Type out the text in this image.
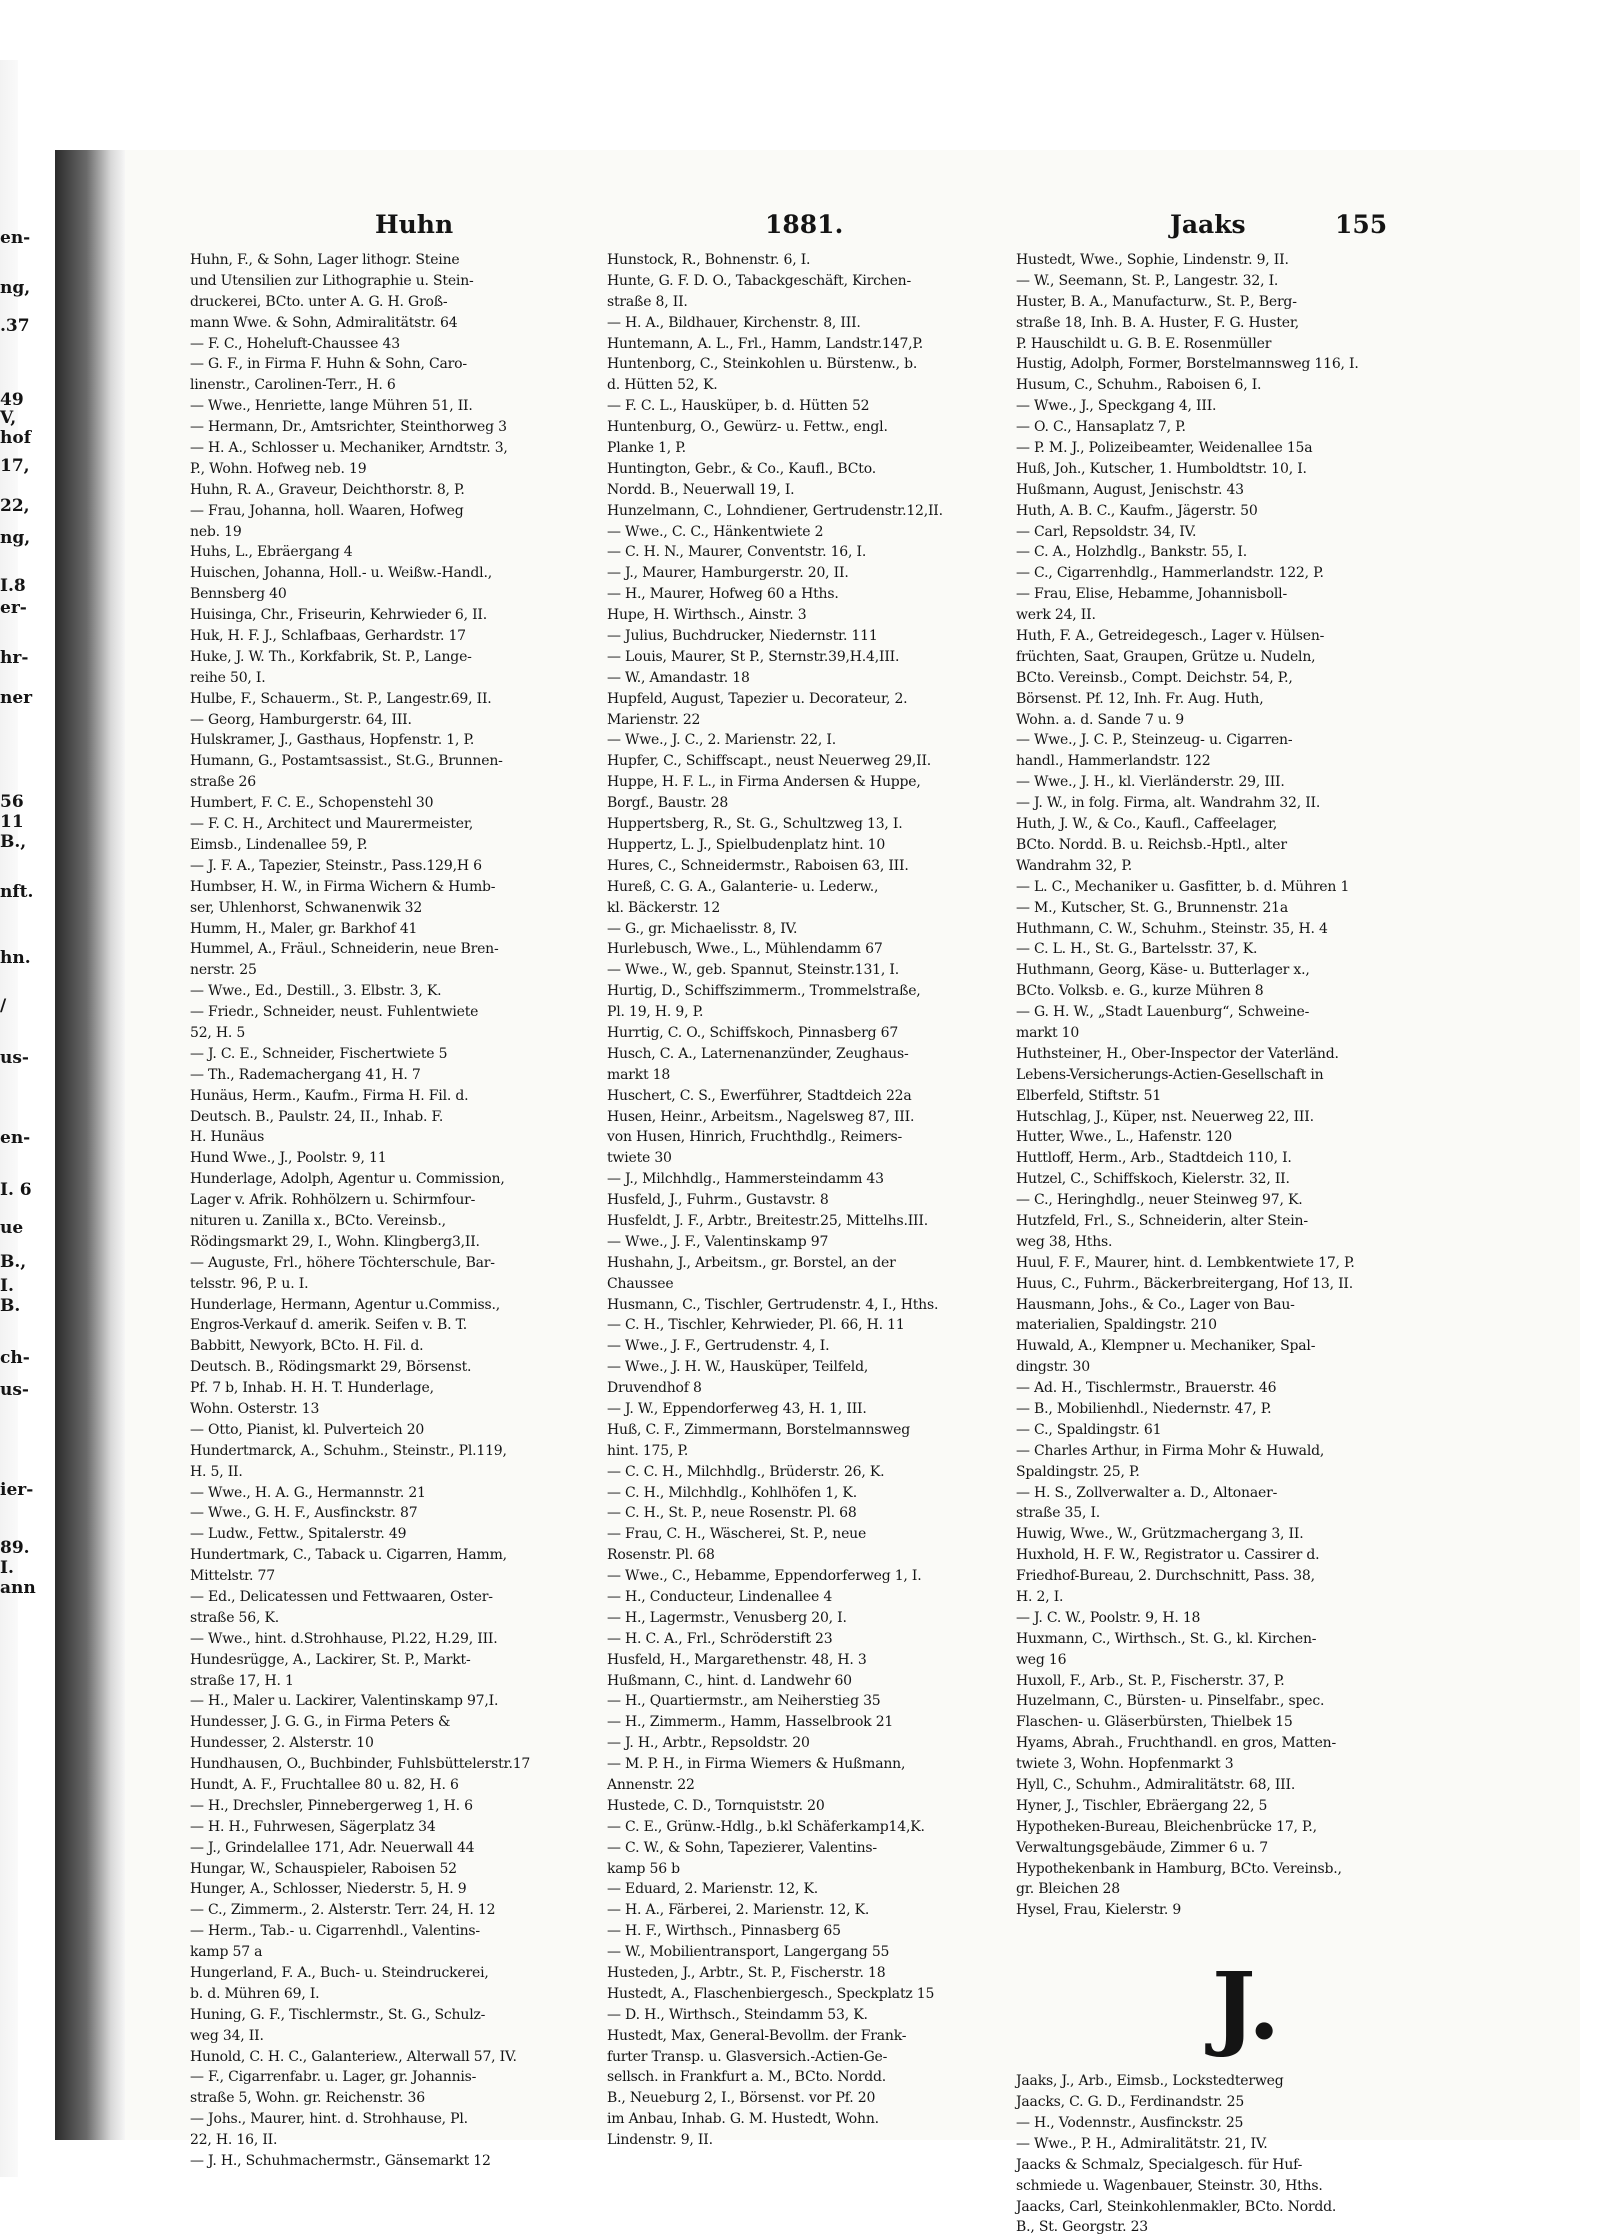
en-
ng,
.37
49
V,
hof
17,
22,
ng,
I.8
er-
hr-
ner
56
11
B.,
nft.
hn.
/
us-
en-
I. 6
ue
B.,
I.
B.
ch-
us-
ier-
89.
I.
ann
Huhn	1881.	Jaaks	155
Huhn, F., & Sohn, Lager lithogr. Steine
und Utensilien zur Lithographie u. Stein-
druckerei, BCto. unter A. G. H. Groß-
mann Wwe. & Sohn, Admiralitätstr. 64
— F. C., Hoheluft-Chaussee 43
— G. F., in Firma F. Huhn & Sohn, Caro-
linenstr., Carolinen-Terr., H. 6
— Wwe., Henriette, lange Mühren 51, II.
— Hermann, Dr., Amtsrichter, Steinthorweg 3
— H. A., Schlosser u. Mechaniker, Arndtstr. 3,
P., Wohn. Hofweg neb. 19
Huhn, R. A., Graveur, Deichthorstr. 8, P.
— Frau, Johanna, holl. Waaren, Hofweg
neb. 19
Huhs, L., Ebräergang 4
Huischen, Johanna, Holl.- u. Weißw.-Handl.,
Bennsberg 40
Huisinga, Chr., Friseurin, Kehrwieder 6, II.
Huk, H. F. J., Schlafbaas, Gerhardstr. 17
Huke, J. W. Th., Korkfabrik, St. P., Lange-
reihe 50, I.
Hulbe, F., Schauerm., St. P., Langestr.69, II.
— Georg, Hamburgerstr. 64, III.
Hulskramer, J., Gasthaus, Hopfenstr. 1, P.
Humann, G., Postamtsassist., St.G., Brunnen-
straße 26
Humbert, F. C. E., Schopenstehl 30
— F. C. H., Architect und Maurermeister,
Eimsb., Lindenallee 59, P.
— J. F. A., Tapezier, Steinstr., Pass.129,H 6
Humbser, H. W., in Firma Wichern & Humb-
ser, Uhlenhorst, Schwanenwik 32
Humm, H., Maler, gr. Barkhof 41
Hummel, A., Fräul., Schneiderin, neue Bren-
nerstr. 25
— Wwe., Ed., Destill., 3. Elbstr. 3, K.
— Friedr., Schneider, neust. Fuhlentwiete
52, H. 5
— J. C. E., Schneider, Fischertwiete 5
— Th., Rademachergang 41, H. 7
Hunäus, Herm., Kaufm., Firma H. Fil. d.
Deutsch. B., Paulstr. 24, II., Inhab. F.
H. Hunäus
Hund Wwe., J., Poolstr. 9, 11
Hunderlage, Adolph, Agentur u. Commission,
Lager v. Afrik. Rohhölzern u. Schirmfour-
nituren u. Zanilla x., BCto. Vereinsb.,
Rödingsmarkt 29, I., Wohn. Klingberg3,II.
— Auguste, Frl., höhere Töchterschule, Bar-
telsstr. 96, P. u. I.
Hunderlage, Hermann, Agentur u.Commiss.,
Engros-Verkauf d. amerik. Seifen v. B. T.
Babbitt, Newyork, BCto. H. Fil. d.
Deutsch. B., Rödingsmarkt 29, Börsenst.
Pf. 7 b, Inhab. H. H. T. Hunderlage,
Wohn. Osterstr. 13
— Otto, Pianist, kl. Pulverteich 20
Hundertmarck, A., Schuhm., Steinstr., Pl.119,
H. 5, II.
— Wwe., H. A. G., Hermannstr. 21
— Wwe., G. H. F., Ausfinckstr. 87
— Ludw., Fettw., Spitalerstr. 49
Hundertmark, C., Taback u. Cigarren, Hamm,
Mittelstr. 77
— Ed., Delicatessen und Fettwaaren, Oster-
straße 56, K.
— Wwe., hint. d.Strohhause, Pl.22, H.29, III.
Hundesrügge, A., Lackirer, St. P., Markt-
straße 17, H. 1
— H., Maler u. Lackirer, Valentinskamp 97,I.
Hundesser, J. G. G., in Firma Peters &
Hundesser, 2. Alsterstr. 10
Hundhausen, O., Buchbinder, Fuhlsbüttelerstr.17
Hundt, A. F., Fruchtallee 80 u. 82, H. 6
— H., Drechsler, Pinnebergerweg 1, H. 6
— H. H., Fuhrwesen, Sägerplatz 34
— J., Grindelallee 171, Adr. Neuerwall 44
Hungar, W., Schauspieler, Raboisen 52
Hunger, A., Schlosser, Niederstr. 5, H. 9
— C., Zimmerm., 2. Alsterstr. Terr. 24, H. 12
— Herm., Tab.- u. Cigarrenhdl., Valentins-
kamp 57 a
Hungerland, F. A., Buch- u. Steindruckerei,
b. d. Mühren 69, I.
Huning, G. F., Tischlermstr., St. G., Schulz-
weg 34, II.
Hunold, C. H. C., Galanteriew., Alterwall 57, IV.
— F., Cigarrenfabr. u. Lager, gr. Johannis-
straße 5, Wohn. gr. Reichenstr. 36
— Johs., Maurer, hint. d. Strohhause, Pl.
22, H. 16, II.
— J. H., Schuhmachermstr., Gänsemarkt 12
Hunstock, R., Bohnenstr. 6, I.
Hunte, G. F. D. O., Tabackgeschäft, Kirchen-
straße 8, II.
— H. A., Bildhauer, Kirchenstr. 8, III.
Huntemann, A. L., Frl., Hamm, Landstr.147,P.
Huntenborg, C., Steinkohlen u. Bürstenw., b.
d. Hütten 52, K.
— F. C. L., Hausküper, b. d. Hütten 52
Huntenburg, O., Gewürz- u. Fettw., engl.
Planke 1, P.
Huntington, Gebr., & Co., Kaufl., BCto.
Nordd. B., Neuerwall 19, I.
Hunzelmann, C., Lohndiener, Gertrudenstr.12,II.
— Wwe., C. C., Hänkentwiete 2
— C. H. N., Maurer, Conventstr. 16, I.
— J., Maurer, Hamburgerstr. 20, II.
— H., Maurer, Hofweg 60 a Hths.
Hupe, H. Wirthsch., Ainstr. 3
— Julius, Buchdrucker, Niedernstr. 111
— Louis, Maurer, St P., Sternstr.39,H.4,III.
— W., Amandastr. 18
Hupfeld, August, Tapezier u. Decorateur, 2.
Marienstr. 22
— Wwe., J. C., 2. Marienstr. 22, I.
Hupfer, C., Schiffscapt., neust Neuerweg 29,II.
Huppe, H. F. L., in Firma Andersen & Huppe,
Borgf., Baustr. 28
Huppertsberg, R., St. G., Schultzweg 13, I.
Huppertz, L. J., Spielbudenplatz hint. 10
Hures, C., Schneidermstr., Raboisen 63, III.
Hureß, C. G. A., Galanterie- u. Lederw.,
kl. Bäckerstr. 12
— G., gr. Michaelisstr. 8, IV.
Hurlebusch, Wwe., L., Mühlendamm 67
— Wwe., W., geb. Spannut, Steinstr.131, I.
Hurtig, D., Schiffszimmerm., Trommelstraße,
Pl. 19, H. 9, P.
Hurrtig, C. O., Schiffskoch, Pinnasberg 67
Husch, C. A., Laternenanzünder, Zeughaus-
markt 18
Huschert, C. S., Ewerführer, Stadtdeich 22a
Husen, Heinr., Arbeitsm., Nagelsweg 87, III.
von Husen, Hinrich, Fruchthdlg., Reimers-
twiete 30
— J., Milchhdlg., Hammersteindamm 43
Husfeld, J., Fuhrm., Gustavstr. 8
Husfeldt, J. F., Arbtr., Breitestr.25, Mittelhs.III.
— Wwe., J. F., Valentinskamp 97
Hushahn, J., Arbeitsm., gr. Borstel, an der
Chaussee
Husmann, C., Tischler, Gertrudenstr. 4, I., Hths.
— C. H., Tischler, Kehrwieder, Pl. 66, H. 11
— Wwe., J. F., Gertrudenstr. 4, I.
— Wwe., J. H. W., Hausküper, Teilfeld,
Druvendhof 8
— J. W., Eppendorferweg 43, H. 1, III.
Huß, C. F., Zimmermann, Borstelmannsweg
hint. 175, P.
— C. C. H., Milchhdlg., Brüderstr. 26, K.
— C. H., Milchhdlg., Kohlhöfen 1, K.
— C. H., St. P., neue Rosenstr. Pl. 68
— Frau, C. H., Wäscherei, St. P., neue
Rosenstr. Pl. 68
— Wwe., C., Hebamme, Eppendorferweg 1, I.
— H., Conducteur, Lindenallee 4
— H., Lagermstr., Venusberg 20, I.
— H. C. A., Frl., Schröderstift 23
Husfeld, H., Margarethenstr. 48, H. 3
Hußmann, C., hint. d. Landwehr 60
— H., Quartiermstr., am Neiherstieg 35
— H., Zimmerm., Hamm, Hasselbrook 21
— J. H., Arbtr., Repsoldstr. 20
— M. P. H., in Firma Wiemers & Hußmann,
Annenstr. 22
Hustede, C. D., Tornquiststr. 20
— C. E., Grünw.-Hdlg., b.kl Schäferkamp14,K.
— C. W., & Sohn, Tapezierer, Valentins-
kamp 56 b
— Eduard, 2. Marienstr. 12, K.
— H. A., Färberei, 2. Marienstr. 12, K.
— H. F., Wirthsch., Pinnasberg 65
— W., Mobilientransport, Langergang 55
Husteden, J., Arbtr., St. P., Fischerstr. 18
Hustedt, A., Flaschenbiergesch., Speckplatz 15
— D. H., Wirthsch., Steindamm 53, K.
Hustedt, Max, General-Bevollm. der Frank-
furter Transp. u. Glasversich.-Actien-Ge-
sellsch. in Frankfurt a. M., BCto. Nordd.
B., Neueburg 2, I., Börsenst. vor Pf. 20
im Anbau, Inhab. G. M. Hustedt, Wohn.
Lindenstr. 9, II.
Hustedt, Wwe., Sophie, Lindenstr. 9, II.
— W., Seemann, St. P., Langestr. 32, I.
Huster, B. A., Manufacturw., St. P., Berg-
straße 18, Inh. B. A. Huster, F. G. Huster,
P. Hauschildt u. G. B. E. Rosenmüller
Hustig, Adolph, Former, Borstelmannsweg 116, I.
Husum, C., Schuhm., Raboisen 6, I.
— Wwe., J., Speckgang 4, III.
— O. C., Hansaplatz 7, P.
— P. M. J., Polizeibeamter, Weidenallee 15a
Huß, Joh., Kutscher, 1. Humboldtstr. 10, I.
Hußmann, August, Jenischstr. 43
Huth, A. B. C., Kaufm., Jägerstr. 50
— Carl, Repsoldstr. 34, IV.
— C. A., Holzhdlg., Bankstr. 55, I.
— C., Cigarrenhdlg., Hammerlandstr. 122, P.
— Frau, Elise, Hebamme, Johannisboll-
werk 24, II.
Huth, F. A., Getreidegesch., Lager v. Hülsen-
früchten, Saat, Graupen, Grütze u. Nudeln,
BCto. Vereinsb., Compt. Deichstr. 54, P.,
Börsenst. Pf. 12, Inh. Fr. Aug. Huth,
Wohn. a. d. Sande 7 u. 9
— Wwe., J. C. P., Steinzeug- u. Cigarren-
handl., Hammerlandstr. 122
— Wwe., J. H., kl. Vierländerstr. 29, III.
— J. W., in folg. Firma, alt. Wandrahm 32, II.
Huth, J. W., & Co., Kaufl., Caffeelager,
BCto. Nordd. B. u. Reichsb.-Hptl., alter
Wandrahm 32, P.
— L. C., Mechaniker u. Gasfitter, b. d. Mühren 1
— M., Kutscher, St. G., Brunnenstr. 21a
Huthmann, C. W., Schuhm., Steinstr. 35, H. 4
— C. L. H., St. G., Bartelsstr. 37, K.
Huthmann, Georg, Käse- u. Butterlager x.,
BCto. Volksb. e. G., kurze Mühren 8
— G. H. W., „Stadt Lauenburg“, Schweine-
markt 10
Huthsteiner, H., Ober-Inspector der Vaterländ.
Lebens-Versicherungs-Actien-Gesellschaft in
Elberfeld, Stiftstr. 51
Hutschlag, J., Küper, nst. Neuerweg 22, III.
Hutter, Wwe., L., Hafenstr. 120
Huttloff, Herm., Arb., Stadtdeich 110, I.
Hutzel, C., Schiffskoch, Kielerstr. 32, II.
— C., Heringhdlg., neuer Steinweg 97, K.
Hutzfeld, Frl., S., Schneiderin, alter Stein-
weg 38, Hths.
Huul, F. F., Maurer, hint. d. Lembkentwiete 17, P.
Huus, C., Fuhrm., Bäckerbreitergang, Hof 13, II.
Hausmann, Johs., & Co., Lager von Bau-
materialien, Spaldingstr. 210
Huwald, A., Klempner u. Mechaniker, Spal-
dingstr. 30
— Ad. H., Tischlermstr., Brauerstr. 46
— B., Mobilienhdl., Niedernstr. 47, P.
— C., Spaldingstr. 61
— Charles Arthur, in Firma Mohr & Huwald,
Spaldingstr. 25, P.
— H. S., Zollverwalter a. D., Altonaer-
straße 35, I.
Huwig, Wwe., W., Grützmachergang 3, II.
Huxhold, H. F. W., Registrator u. Cassirer d.
Friedhof-Bureau, 2. Durchschnitt, Pass. 38,
H. 2, I.
— J. C. W., Poolstr. 9, H. 18
Huxmann, C., Wirthsch., St. G., kl. Kirchen-
weg 16
Huxoll, F., Arb., St. P., Fischerstr. 37, P.
Huzelmann, C., Bürsten- u. Pinselfabr., spec.
Flaschen- u. Gläserbürsten, Thielbek 15
Hyams, Abrah., Fruchthandl. en gros, Matten-
twiete 3, Wohn. Hopfenmarkt 3
Hyll, C., Schuhm., Admiralitätstr. 68, III.
Hyner, J., Tischler, Ebräergang 22, 5
Hypotheken-Bureau, Bleichenbrücke 17, P.,
Verwaltungsgebäude, Zimmer 6 u. 7
Hypothekenbank in Hamburg, BCto. Vereinsb.,
gr. Bleichen 28
Hysel, Frau, Kielerstr. 9
J.
Jaaks, J., Arb., Eimsb., Lockstedterweg
Jaacks, C. G. D., Ferdinandstr. 25
— H., Vodennstr., Ausfinckstr. 25
— Wwe., P. H., Admiralitätstr. 21, IV.
Jaacks & Schmalz, Specialgesch. für Huf-
schmiede u. Wagenbauer, Steinstr. 30, Hths.
Jaacks, Carl, Steinkohlenmakler, BCto. Nordd.
B., St. Georgstr. 23
